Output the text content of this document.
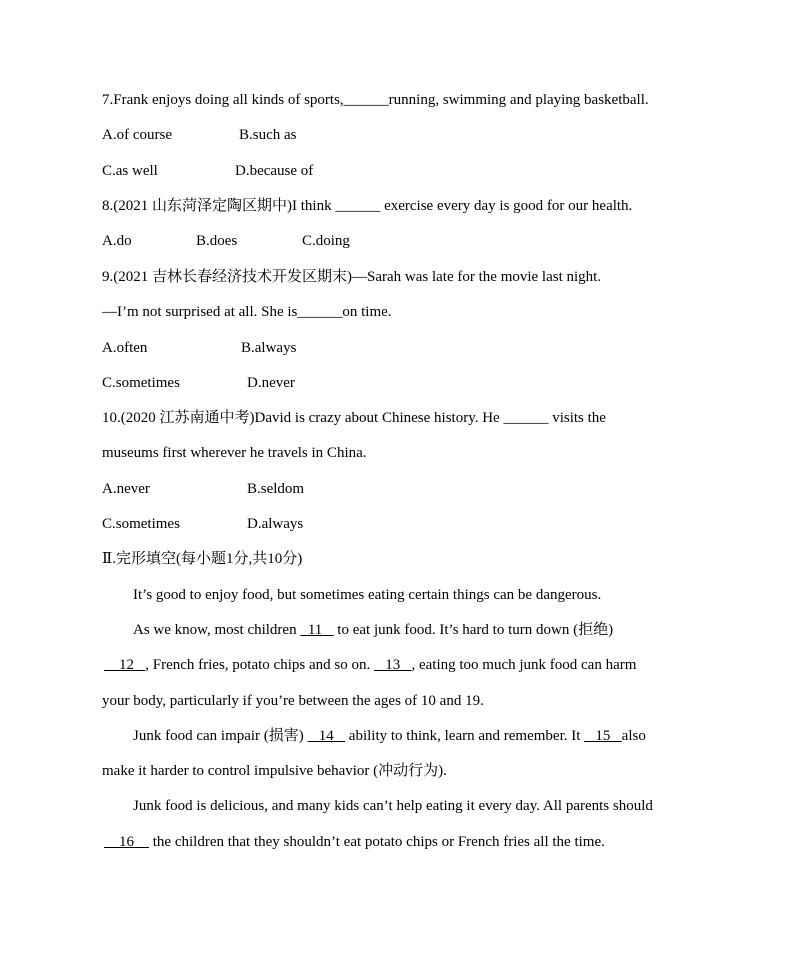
7.Frank enjoys doing all kinds of sports,______running, swimming and playing basketball.
A.of course	B.such as
C.as well	D.because of
8.(2021 山东菏泽定陶区期中)I think ______ exercise every day is good for our health.
A.do	B.does	C.doing
9.(2021 吉林长春经济技术开发区期末)—Sarah was late for the movie last night.
—I’m not surprised at all. She is______on time.
A.often	B.always
C.sometimes	D.never
10.(2020 江苏南通中考)David is crazy about Chinese history. He ______ visits the
museums first wherever he travels in China.
A.never	B.seldom
C.sometimes	D.always
Ⅱ.完形填空(每小题1分,共10分)
It’s good to enjoy food, but sometimes eating certain things can be dangerous.
As we know, most children   11    to eat junk food. It’s hard to turn down (拒绝)
12 , French fries, potato chips and so on.    13 , eating too much junk food can harm
your body, particularly if you’re between the ages of 10 and 19.
Junk food can impair (损害)    14    ability to think, learn and remember. It    15 also
make it harder to control impulsive behavior (冲动行为).
Junk food is delicious, and many kids can’t help eating it every day. All parents should
16     the children that they shouldn’t eat potato chips or French fries all the time.
